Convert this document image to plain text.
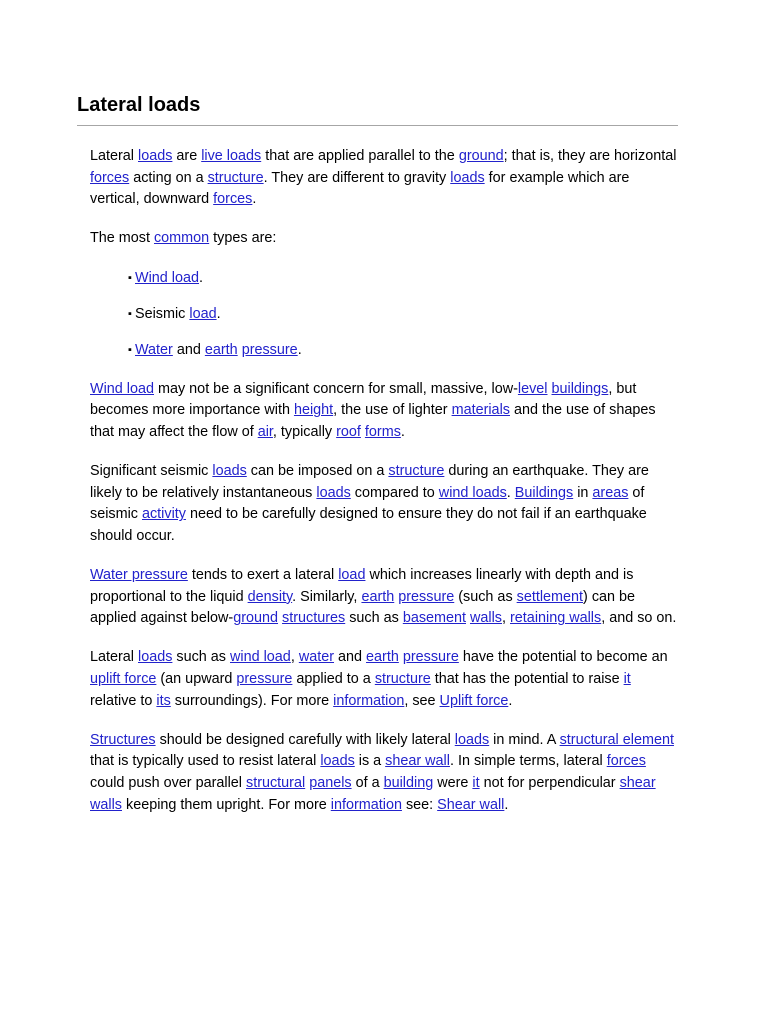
Lateral loads

Lateral loads are live loads that are applied parallel to the ground; that is, they are horizontal forces acting on a structure. They are different to gravity loads for example which are vertical, downward forces.

The most common types are:

▪ Wind load.
▪ Seismic load.
▪ Water and earth pressure.

Wind load may not be a significant concern for small, massive, low-level buildings, but becomes more importance with height, the use of lighter materials and the use of shapes that may affect the flow of air, typically roof forms.

Significant seismic loads can be imposed on a structure during an earthquake. They are likely to be relatively instantaneous loads compared to wind loads. Buildings in areas of seismic activity need to be carefully designed to ensure they do not fail if an earthquake should occur.

Water pressure tends to exert a lateral load which increases linearly with depth and is proportional to the liquid density. Similarly, earth pressure (such as settlement) can be applied against below-ground structures such as basement walls, retaining walls, and so on.

Lateral loads such as wind load, water and earth pressure have the potential to become an uplift force (an upward pressure applied to a structure that has the potential to raise it relative to its surroundings). For more information, see Uplift force.

Structures should be designed carefully with likely lateral loads in mind. A structural element that is typically used to resist lateral loads is a shear wall. In simple terms, lateral forces could push over parallel structural panels of a building were it not for perpendicular shear walls keeping them upright. For more information see: Shear wall.
